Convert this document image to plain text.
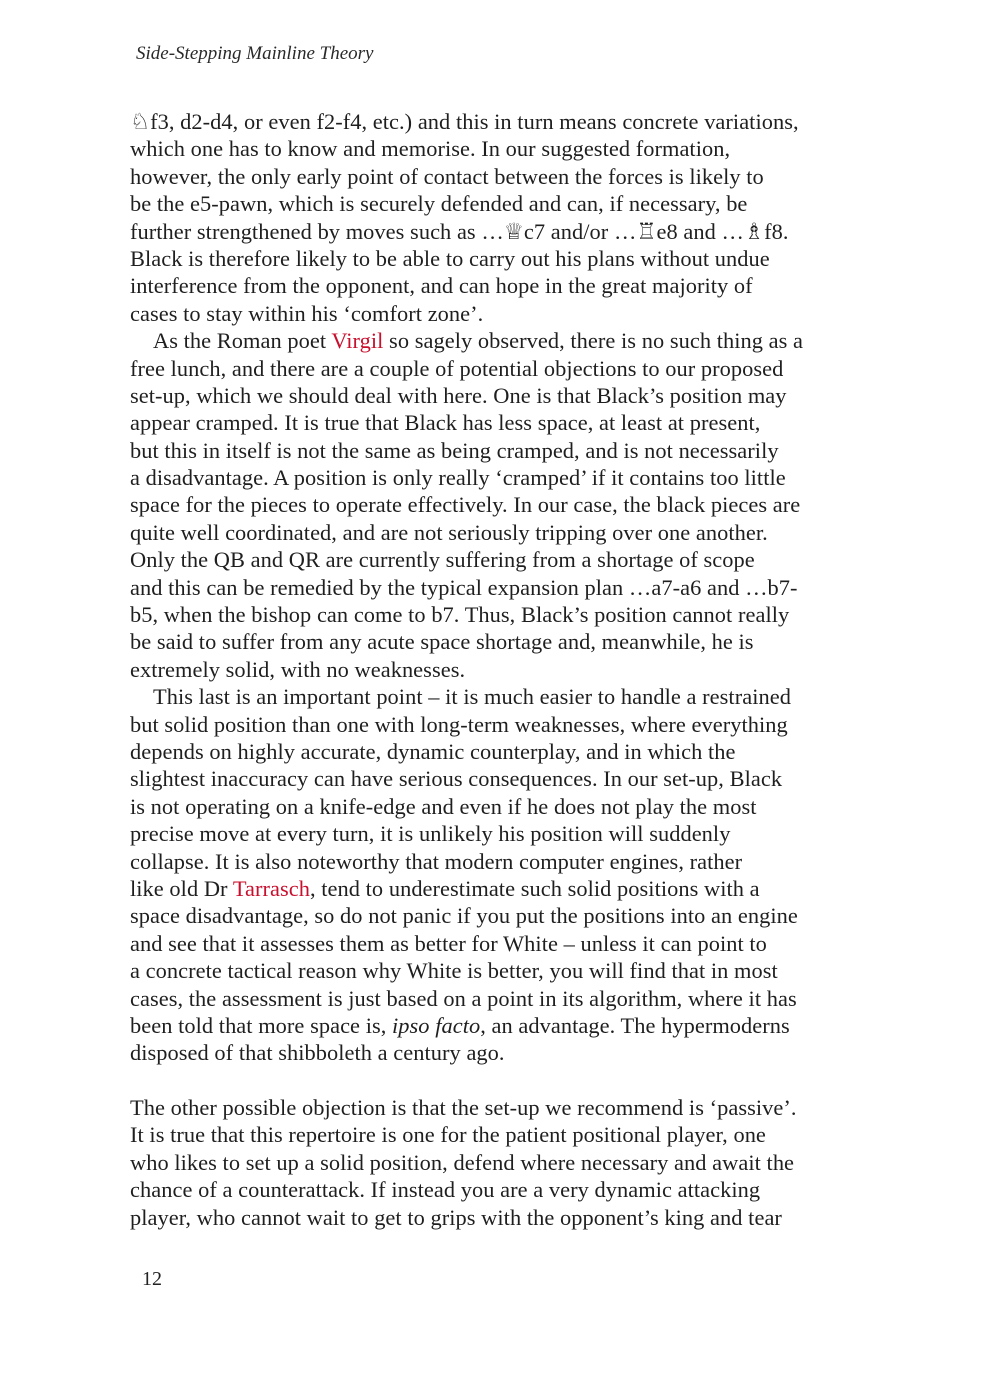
Side-Stepping Mainline Theory
♘f3, d2-d4, or even f2-f4, etc.) and this in turn means concrete variations,
which one has to know and memorise. In our suggested formation,
however, the only early point of contact between the forces is likely to
be the e5-pawn, which is securely defended and can, if necessary, be
further strengthened by moves such as …♕c7 and/or …♖e8 and …♗f8.
Black is therefore likely to be able to carry out his plans without undue
interference from the opponent, and can hope in the great majority of
cases to stay within his ‘comfort zone’.
As the Roman poet Virgil so sagely observed, there is no such thing as a
free lunch, and there are a couple of potential objections to our proposed
set-up, which we should deal with here. One is that Black’s position may
appear cramped. It is true that Black has less space, at least at present,
but this in itself is not the same as being cramped, and is not necessarily
a disadvantage. A position is only really ‘cramped’ if it contains too little
space for the pieces to operate effectively. In our case, the black pieces are
quite well coordinated, and are not seriously tripping over one another.
Only the QB and QR are currently suffering from a shortage of scope
and this can be remedied by the typical expansion plan …a7-a6 and …b7-
b5, when the bishop can come to b7. Thus, Black’s position cannot really
be said to suffer from any acute space shortage and, meanwhile, he is
extremely solid, with no weaknesses.
This last is an important point – it is much easier to handle a restrained
but solid position than one with long-term weaknesses, where everything
depends on highly accurate, dynamic counterplay, and in which the
slightest inaccuracy can have serious consequences. In our set-up, Black
is not operating on a knife-edge and even if he does not play the most
precise move at every turn, it is unlikely his position will suddenly
collapse. It is also noteworthy that modern computer engines, rather
like old Dr Tarrasch, tend to underestimate such solid positions with a
space disadvantage, so do not panic if you put the positions into an engine
and see that it assesses them as better for White – unless it can point to
a concrete tactical reason why White is better, you will find that in most
cases, the assessment is just based on a point in its algorithm, where it has
been told that more space is, ipso facto, an advantage. The hypermoderns
disposed of that shibboleth a century ago.
The other possible objection is that the set-up we recommend is ‘passive’.
It is true that this repertoire is one for the patient positional player, one
who likes to set up a solid position, defend where necessary and await the
chance of a counterattack. If instead you are a very dynamic attacking
player, who cannot wait to get to grips with the opponent’s king and tear
12
